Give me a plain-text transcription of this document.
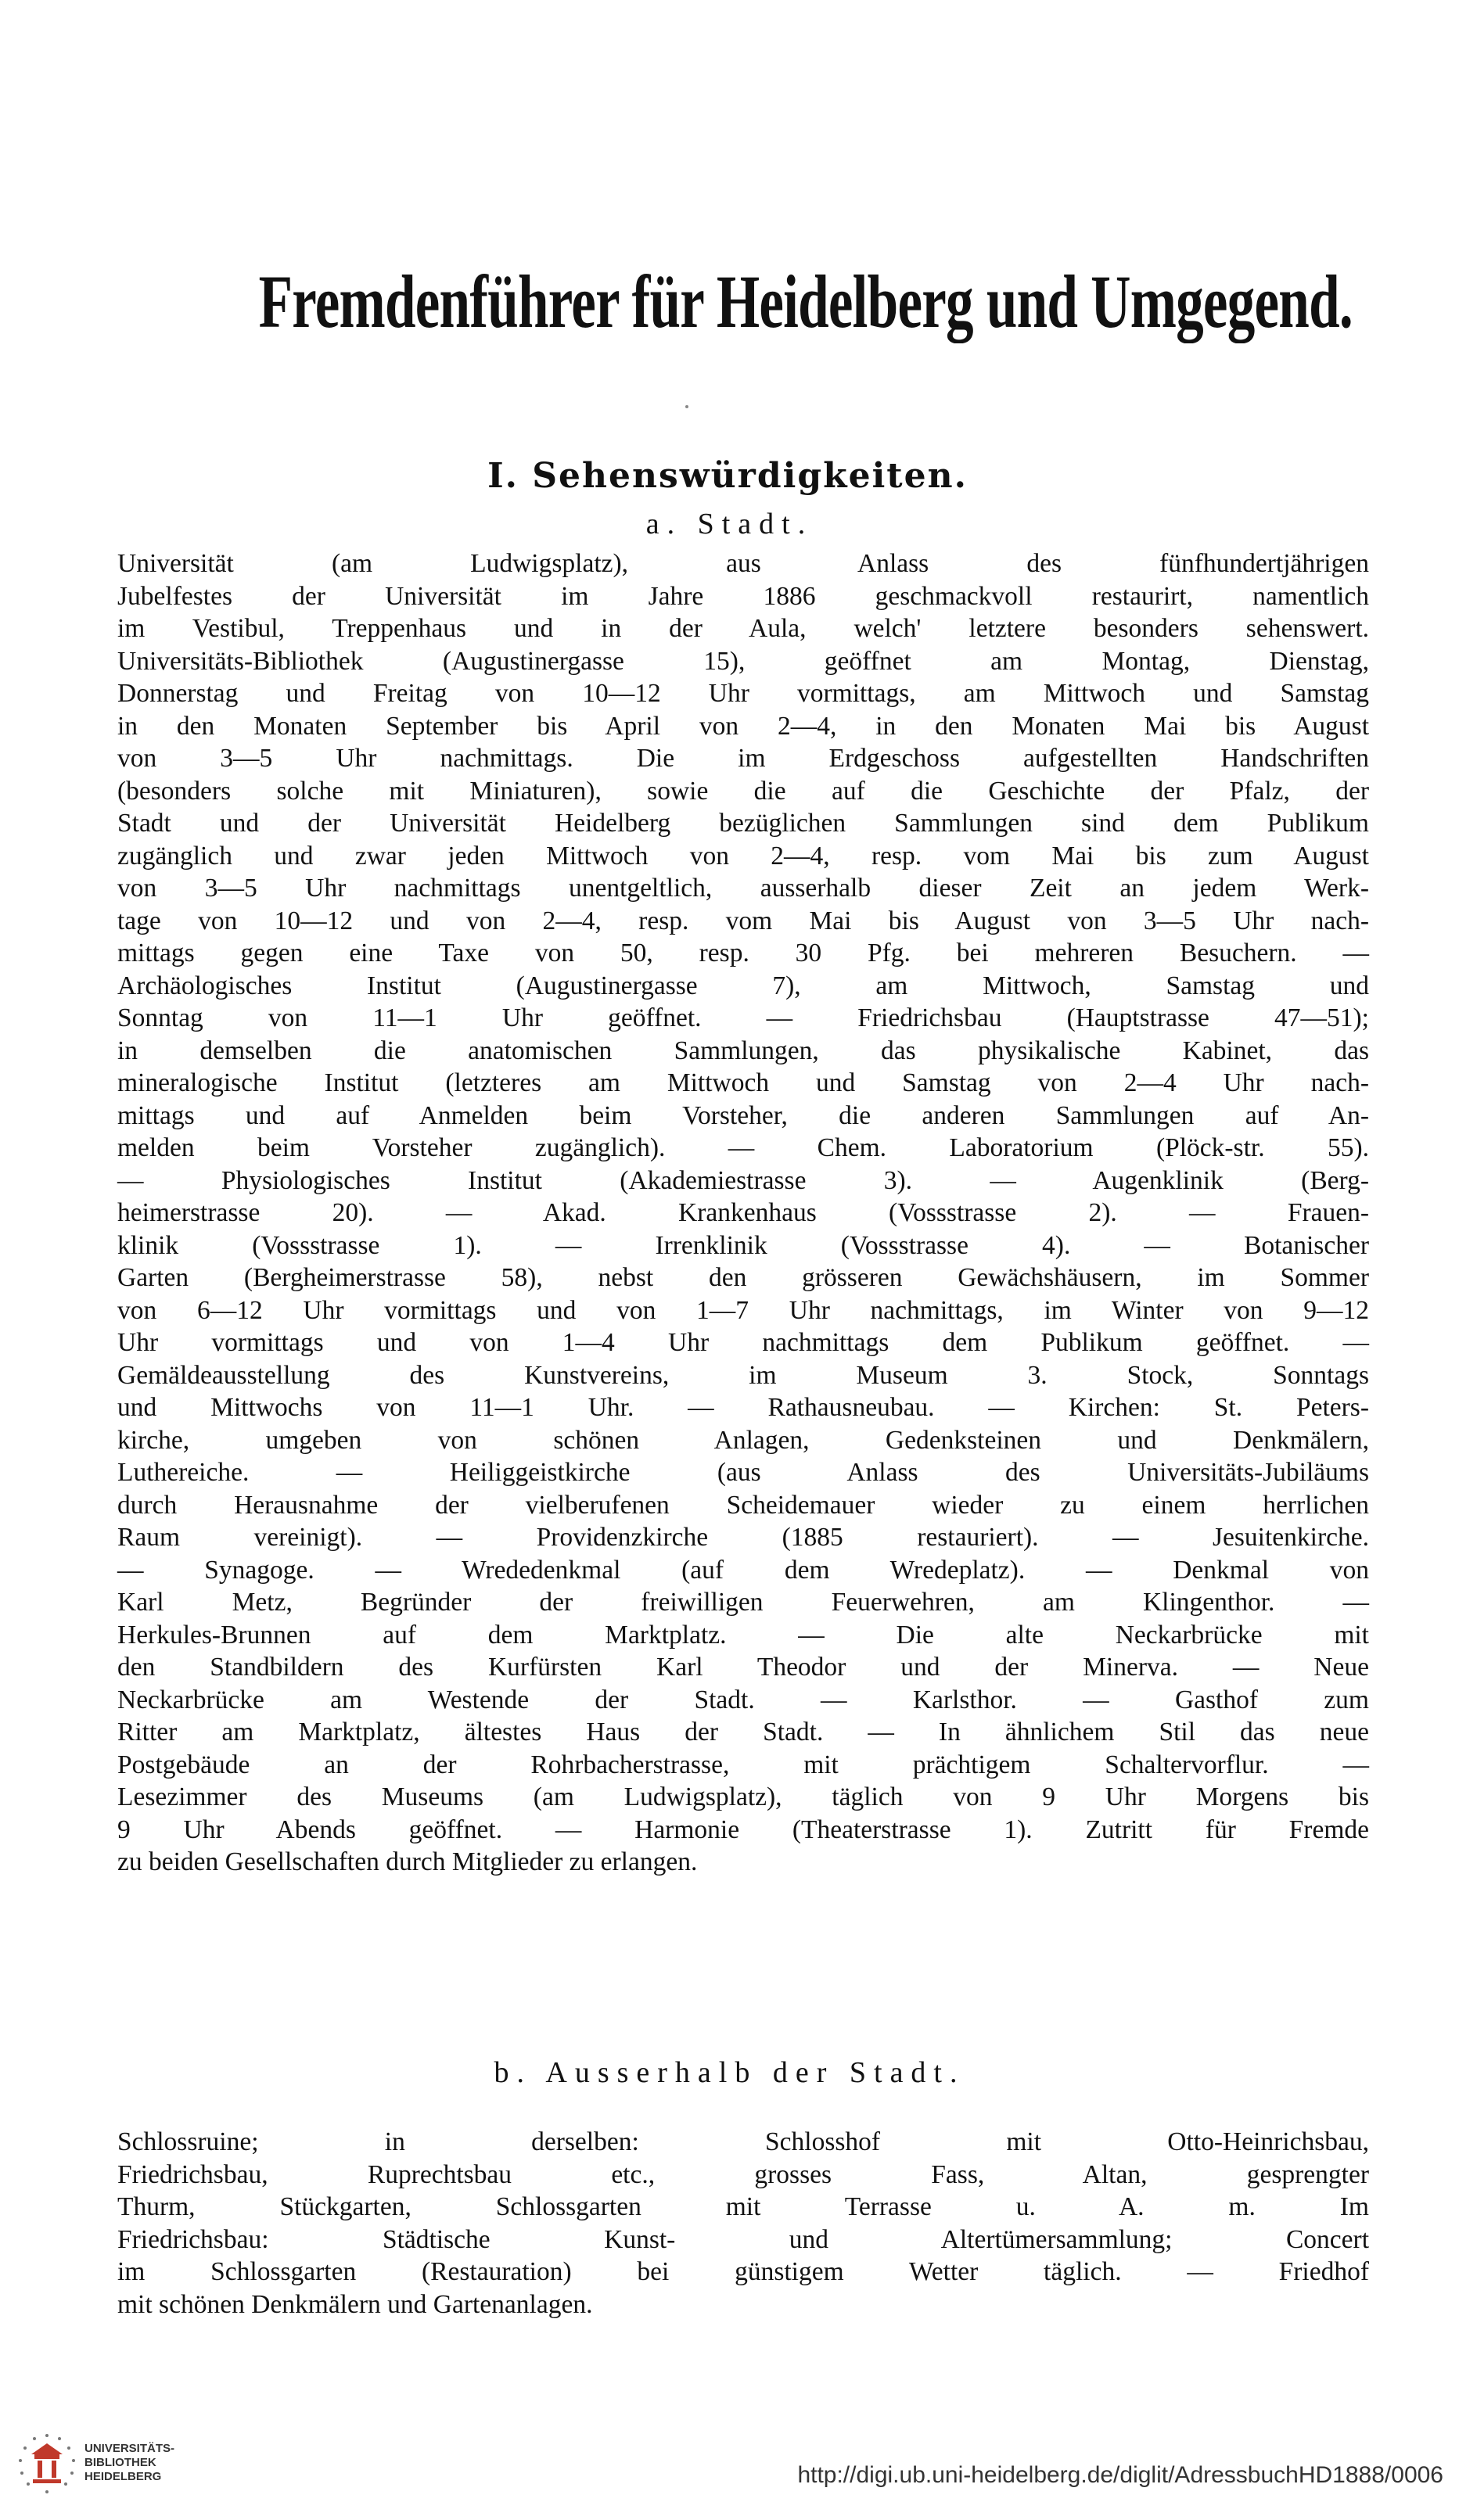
Fremdenführer für Heidelberg und Umgegend.
I. Sehenswürdigkeiten.
a. Stadt.
Universität (am Ludwigsplatz), aus Anlass des fünfhundertjährigen
Jubelfestes der Universität im Jahre 1886 geschmackvoll restaurirt, namentlich
im Vestibul, Treppenhaus und in der Aula, welch' letztere besonders sehenswert.
Universitäts-Bibliothek (Augustinergasse 15), geöffnet am Montag, Dienstag,
Donnerstag und Freitag von 10—12 Uhr vormittags, am Mittwoch und Samstag
in den Monaten September bis April von 2—4, in den Monaten Mai bis August
von 3—5 Uhr nachmittags. Die im Erdgeschoss aufgestellten Handschriften
(besonders solche mit Miniaturen), sowie die auf die Geschichte der Pfalz, der
Stadt und der Universität Heidelberg bezüglichen Sammlungen sind dem Publikum
zugänglich und zwar jeden Mittwoch von 2—4, resp. vom Mai bis zum August
von 3—5 Uhr nachmittags unentgeltlich, ausserhalb dieser Zeit an jedem Werk-
tage von 10—12 und von 2—4, resp. vom Mai bis August von 3—5 Uhr nach-
mittags gegen eine Taxe von 50, resp. 30 Pfg. bei mehreren Besuchern. —
Archäologisches Institut (Augustinergasse 7), am Mittwoch, Samstag und
Sonntag von 11—1 Uhr geöffnet. — Friedrichsbau (Hauptstrasse 47—51);
in demselben die anatomischen Sammlungen, das physikalische Kabinet, das
mineralogische Institut (letzteres am Mittwoch und Samstag von 2—4 Uhr nach-
mittags und auf Anmelden beim Vorsteher, die anderen Sammlungen auf An-
melden beim Vorsteher zugänglich). — Chem. Laboratorium (Plöck-str. 55).
— Physiologisches Institut (Akademiestrasse 3). — Augenklinik (Berg-
heimerstrasse 20). — Akad. Krankenhaus (Vossstrasse 2). — Frauen-
klinik (Vossstrasse 1). — Irrenklinik (Vossstrasse 4). — Botanischer
Garten (Bergheimerstrasse 58), nebst den grösseren Gewächshäusern, im Sommer
von 6—12 Uhr vormittags und von 1—7 Uhr nachmittags, im Winter von 9—12
Uhr vormittags und von 1—4 Uhr nachmittags dem Publikum geöffnet. —
Gemäldeausstellung des Kunstvereins, im Museum 3. Stock, Sonntags
und Mittwochs von 11—1 Uhr. — Rathausneubau. — Kirchen: St. Peters-
kirche, umgeben von schönen Anlagen, Gedenksteinen und Denkmälern,
Luthereiche. — Heiliggeistkirche (aus Anlass des Universitäts-Jubiläums
durch Herausnahme der vielberufenen Scheidemauer wieder zu einem herrlichen
Raum vereinigt). — Providenzkirche (1885 restauriert). — Jesuitenkirche.
— Synagoge. — Wrededenkmal (auf dem Wredeplatz). — Denkmal von
Karl Metz, Begründer der freiwilligen Feuerwehren, am Klingenthor. —
Herkules-Brunnen auf dem Marktplatz. — Die alte Neckarbrücke mit
den Standbildern des Kurfürsten Karl Theodor und der Minerva. — Neue
Neckarbrücke am Westende der Stadt. — Karlsthor. — Gasthof zum
Ritter am Marktplatz, ältestes Haus der Stadt. — In ähnlichem Stil das neue
Postgebäude an der Rohrbacherstrasse, mit prächtigem Schaltervorflur. —
Lesezimmer des Museums (am Ludwigsplatz), täglich von 9 Uhr Morgens bis
9 Uhr Abends geöffnet. — Harmonie (Theaterstrasse 1). Zutritt für Fremde
zu beiden Gesellschaften durch Mitglieder zu erlangen.
b. Ausserhalb der Stadt.
Schlossruine; in derselben: Schlosshof mit Otto-Heinrichsbau,
Friedrichsbau, Ruprechtsbau etc., grosses Fass, Altan, gesprengter
Thurm, Stückgarten, Schlossgarten mit Terrasse u. A. m. Im
Friedrichsbau: Städtische Kunst- und Altertümersammlung; Concert
im Schlossgarten (Restauration) bei günstigem Wetter täglich. — Friedhof
mit schönen Denkmälern und Gartenanlagen.
UNIVERSITÄTS-
BIBLIOTHEK
HEIDELBERG	http://digi.ub.uni-heidelberg.de/diglit/AdressbuchHD1888/0006
